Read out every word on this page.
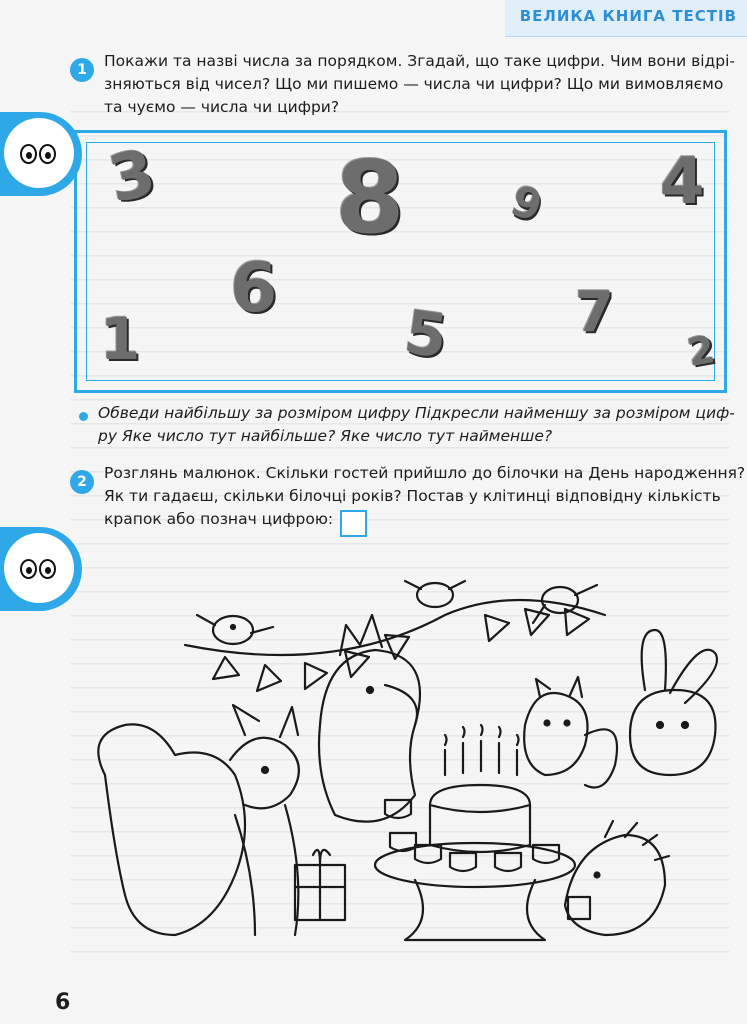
ВЕЛИКА КНИГА ТЕСТІВ
1	Покажи та назві числа за порядком. Згадай, що таке цифри. Чим вони відрі-
зняються від чисел? Що ми пишемо — числа чи цифри? Що ми вимовляємо
та чуємо — числа чи цифри?
3 8 9 4
6
1	5 7
2
Обведи найбільшу за розміром цифру Підкресли найменшу за розміром циф-
ру Яке число тут найбільше? Яке число тут найменше?
2	Розглянь малюнок. Скільки гостей прийшло до білочки на День народження?
Як ти гадаєш, скільки білочці років? Постав у клітинці відповідну кількість
крапок або познач цифрою:
6
